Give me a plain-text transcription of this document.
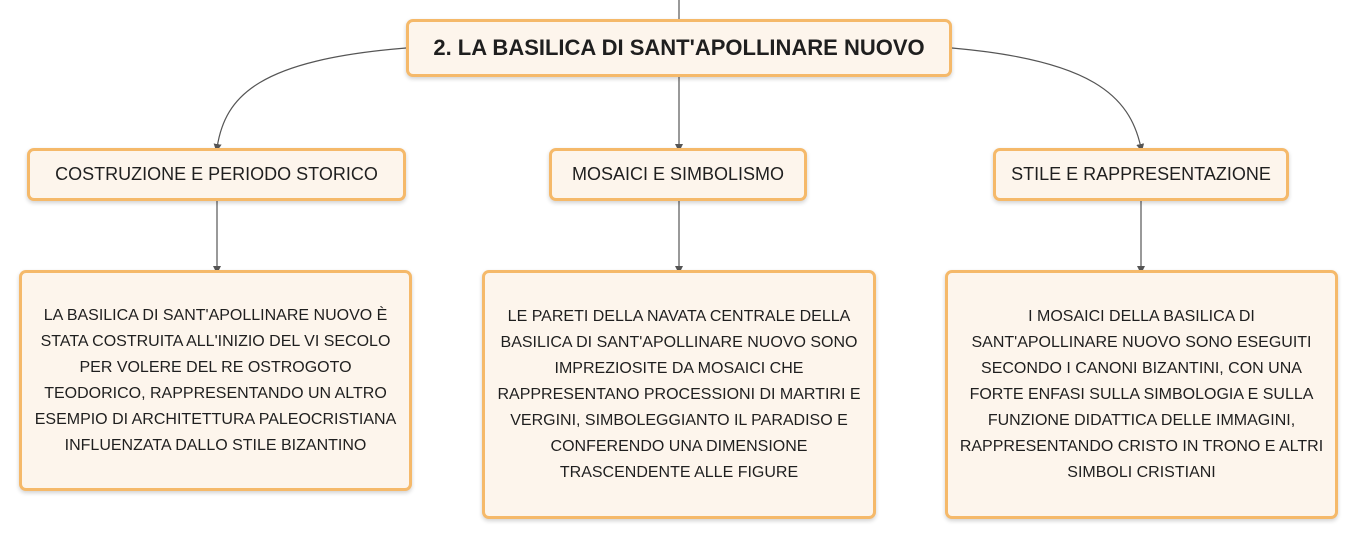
2. LA BASILICA DI SANT'APOLLINARE NUOVO
COSTRUZIONE E PERIODO STORICO	MOSAICI E SIMBOLISMO	STILE E RAPPRESENTAZIONE
LA BASILICA DI SANT'APOLLINARE NUOVO È STATA COSTRUITA ALL'INIZIO DEL VI SECOLO PER VOLERE DEL RE OSTROGOTO TEODORICO, RAPPRESENTANDO UN ALTRO ESEMPIO DI ARCHITETTURA PALEOCRISTIANA INFLUENZATA DALLO STILE BIZANTINO
LE PARETI DELLA NAVATA CENTRALE DELLA BASILICA DI SANT'APOLLINARE NUOVO SONO IMPREZIOSITE DA MOSAICI CHE RAPPRESENTANO PROCESSIONI DI MARTIRI E VERGINI, SIMBOLEGGIANTO IL PARADISO E CONFERENDO UNA DIMENSIONE TRASCENDENTE ALLE FIGURE
I MOSAICI DELLA BASILICA DI SANT'APOLLINARE NUOVO SONO ESEGUITI SECONDO I CANONI BIZANTINI, CON UNA FORTE ENFASI SULLA SIMBOLOGIA E SULLA FUNZIONE DIDATTICA DELLE IMMAGINI, RAPPRESENTANDO CRISTO IN TRONO E ALTRI SIMBOLI CRISTIANI
